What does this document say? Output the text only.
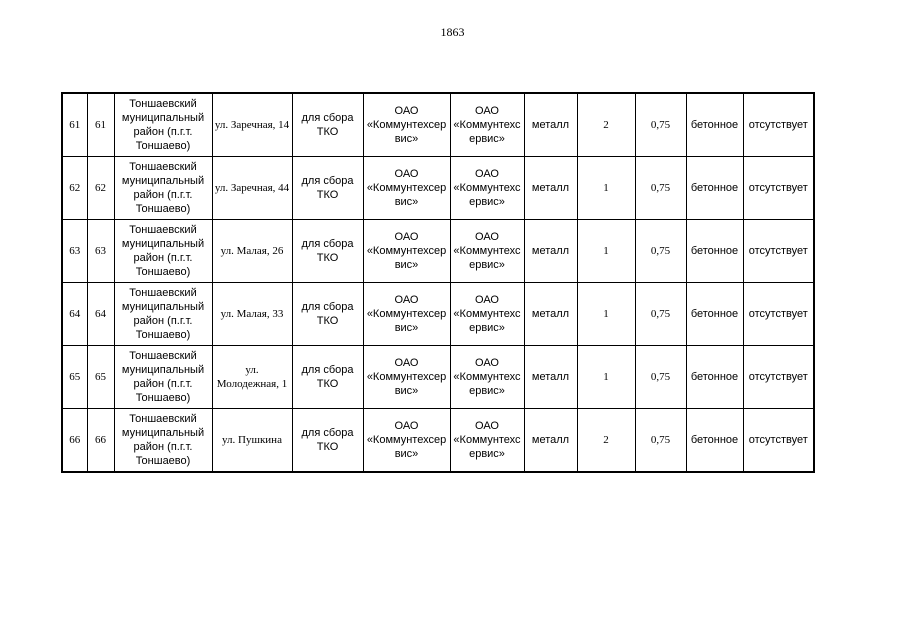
1863
61	61	Тоншаевский муниципальный район (п.г.т. Тоншаево)	ул. Заречная, 14	для сбора ТКО	ОАО «Коммунтехсер вис»	ОАО «Коммунтехс ервис»	металл	2	0,75	бетонное	отсутствует
62	62	Тоншаевский муниципальный район (п.г.т. Тоншаево)	ул. Заречная, 44	для сбора ТКО	ОАО «Коммунтехсер вис»	ОАО «Коммунтехс ервис»	металл	1	0,75	бетонное	отсутствует
63	63	Тоншаевский муниципальный район (п.г.т. Тоншаево)	ул. Малая, 26	для сбора ТКО	ОАО «Коммунтехсер вис»	ОАО «Коммунтехс ервис»	металл	1	0,75	бетонное	отсутствует
64	64	Тоншаевский муниципальный район (п.г.т. Тоншаево)	ул. Малая, 33	для сбора ТКО	ОАО «Коммунтехсер вис»	ОАО «Коммунтехс ервис»	металл	1	0,75	бетонное	отсутствует
65	65	Тоншаевский муниципальный район (п.г.т. Тоншаево)	ул. Молодежная, 1	для сбора ТКО	ОАО «Коммунтехсер вис»	ОАО «Коммунтехс ервис»	металл	1	0,75	бетонное	отсутствует
66	66	Тоншаевский муниципальный район (п.г.т. Тоншаево)	ул. Пушкина	для сбора ТКО	ОАО «Коммунтехсер вис»	ОАО «Коммунтехс ервис»	металл	2	0,75	бетонное	отсутствует
